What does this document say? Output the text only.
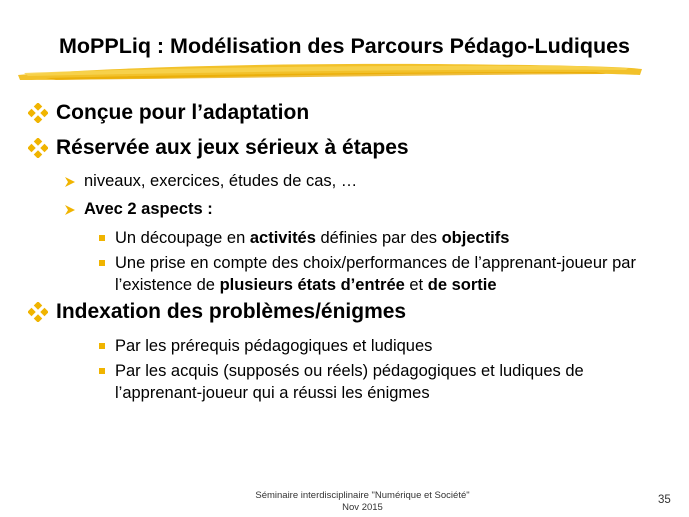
MoPPLiq : Modélisation des Parcours Pédago-Ludiques
Conçue pour l’adaptation
Réservée aux jeux sérieux à étapes
niveaux, exercices, études de cas, …
Avec 2 aspects :
Un découpage en activités définies par des objectifs
Une prise en compte des choix/performances de l’apprenant-joueur par l’existence de plusieurs états d’entrée et de sortie
Indexation des problèmes/énigmes
Par les prérequis pédagogiques et ludiques
Par les acquis (supposés ou réels) pédagogiques et ludiques de l’apprenant-joueur qui a réussi les énigmes
Séminaire interdisciplinaire "Numérique et Société"
Nov 2015
35
